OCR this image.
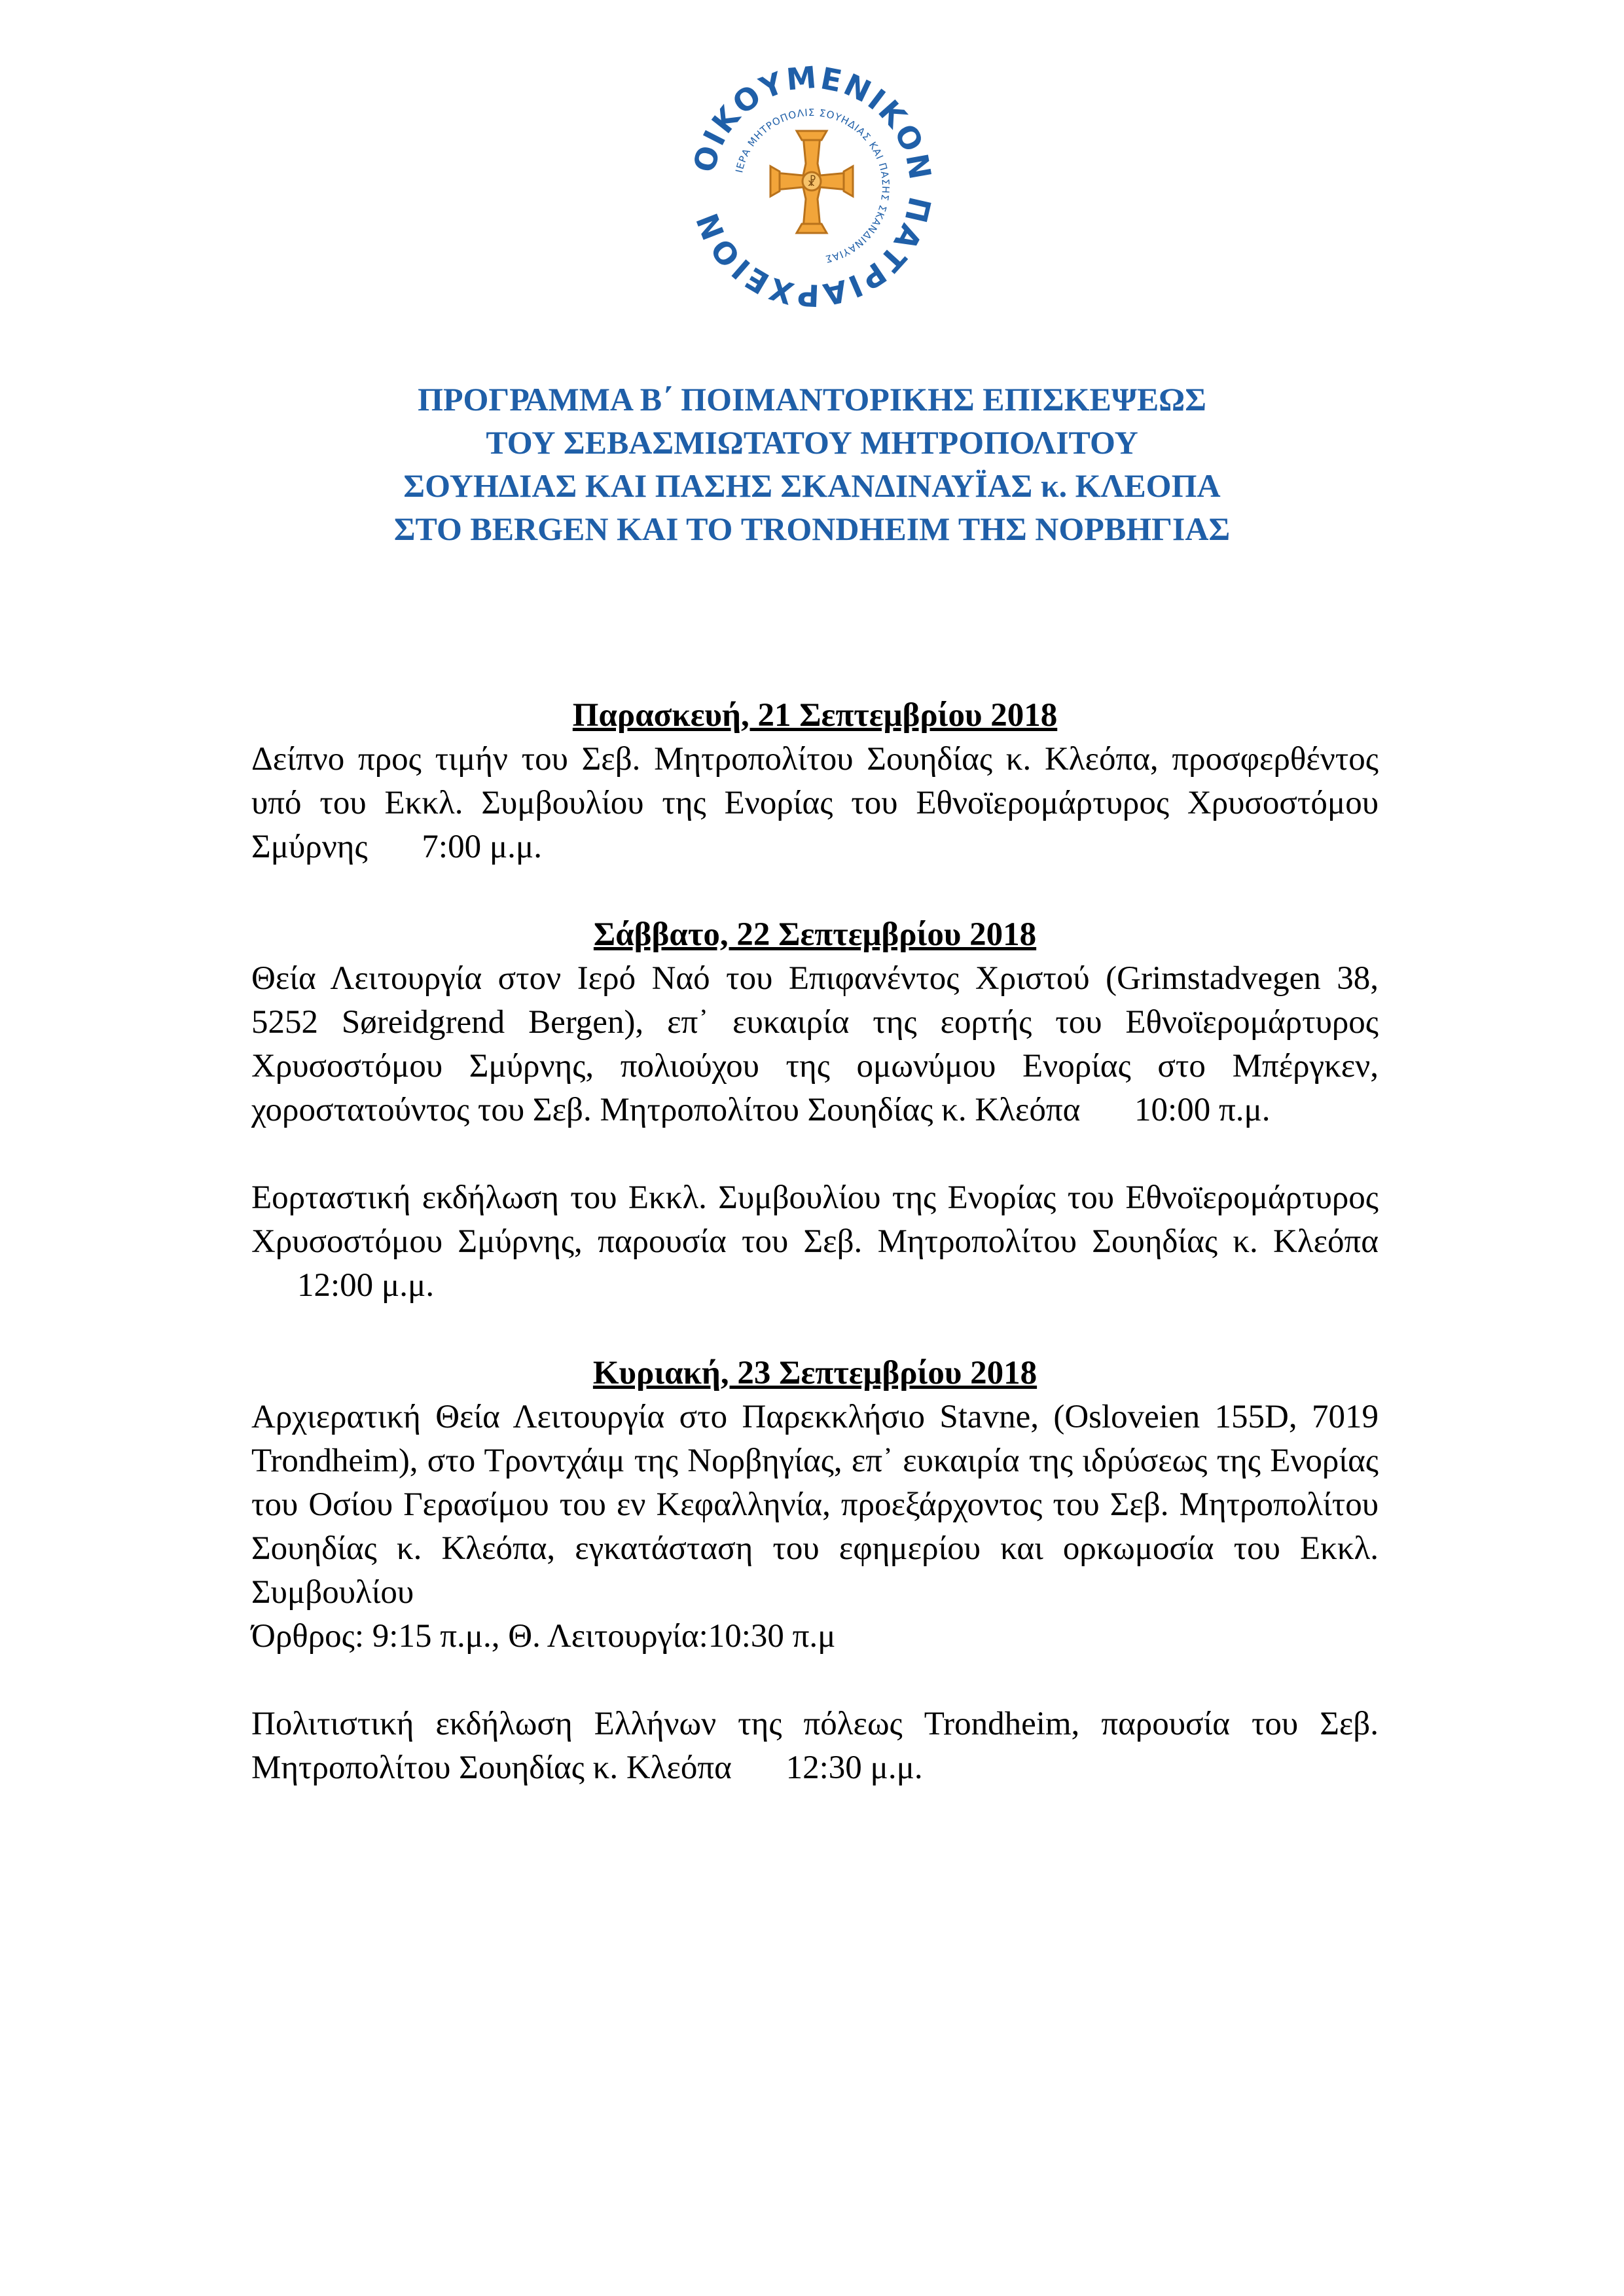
ΙΚΟΥΜΕΝΙΚΟ ΑΤΡΙΑΡΧΕΙΟΝ
ΙΕΡΑ ΜΗΤΡΟΠΟΛΙΣ ΣΟΥΗΔΙΑΣ ΚΑΙ ΠΑΣΗΣ ΣΚΑΝΔΙΝΑΥΙΑΣ
☧
ΠΡΟΓΡΑΜΜΑ Β΄ ΠΟΙΜΑΝΤΟΡΙΚΗΣ ΕΠΙΣΚΕΨΕΩΣ
ΤΟΥ ΣΕΒΑΣΜΙΩΤΑΤΟΥ ΜΗΤΡΟΠΟΛΙΤΟΥ
ΣΟΥΗΔΙΑΣ ΚΑΙ ΠΑΣΗΣ ΣΚΑΝΔΙΝΑΥΪΑΣ κ. ΚΛΕΟΠΑ
ΣΤΟ BERGEN ΚΑΙ ΤΟ TRONDHEIM ΤΗΣ ΝΟΡΒΗΓΙΑΣ
Παρασκευή, 21 Σεπτεμβρίου 2018
Δείπνο προς τιμήν του Σεβ. Μητροπολίτου Σουηδίας κ. Κλεόπα, προσφερθέντος υπό του Εκκλ. Συμβουλίου της Ενορίας του Εθνοϊερομάρτυρος Χρυσοστόμου Σμύρνης 7:00 μ.μ.
Σάββατο, 22 Σεπτεμβρίου 2018
Θεία Λειτουργία στον Ιερό Ναό του Επιφανέντος Χριστού (Grimstadvegen 38, 5252 Søreidgrend Bergen), επ᾽ ευκαιρία της εορτής του Εθνοϊερομάρτυρος Χρυσοστόμου Σμύρνης, πολιούχου της ομωνύμου Ενορίας στο Μπέργκεν, χοροστατούντος του Σεβ. Μητροπολίτου Σουηδίας κ. Κλεόπα 10:00 π.μ.
Εορταστική εκδήλωση του Εκκλ. Συμβουλίου της Ενορίας του Εθνοϊερομάρτυρος Χρυσοστόμου Σμύρνης, παρουσία του Σεβ. Μητροπολίτου Σουηδίας κ. Κλεόπα 12:00 μ.μ.
Κυριακή, 23 Σεπτεμβρίου 2018
Αρχιερατική Θεία Λειτουργία στο Παρεκκλήσιο Stavne, (Osloveien 155D, 7019 Trondheim), στο Τροντχάιμ της Νορβηγίας, επ᾽ ευκαιρία της ιδρύσεως της Ενορίας του Οσίου Γερασίμου του εν Κεφαλληνία, προεξάρχοντος του Σεβ. Μητροπολίτου Σουηδίας κ. Κλεόπα, εγκατάσταση του εφημερίου και ορκωμοσία του Εκκλ. Συμβουλίου
Όρθρος: 9:15 π.μ., Θ. Λειτουργία:10:30 π.μ
Πολιτιστική εκδήλωση Ελλήνων της πόλεως Trondheim, παρουσία του Σεβ. Μητροπολίτου Σουηδίας κ. Κλεόπα 12:30 μ.μ.
